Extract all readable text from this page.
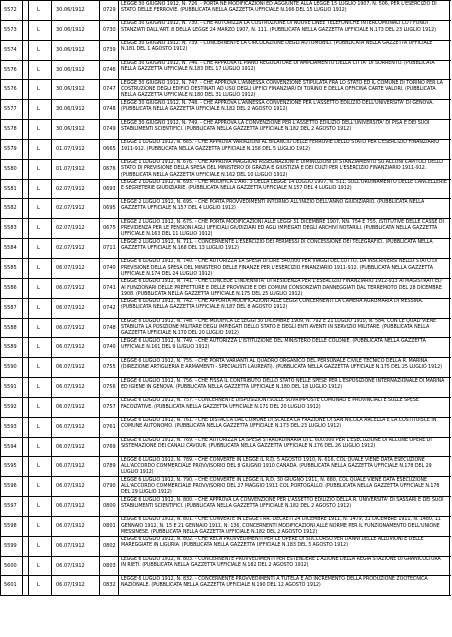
5572	L	30.06/1912	0729
LEGGE 30 GIUGNO 1912, N. 726. - PORTA NE MODIFICAZIONI ED AGGIUNTE ALLA LEGGE 15 LUGLIO 1907, N. 506, PER L'ESERCIZIO DI STATO DELLE FERROVIE. (PUBBLICATA NELLA GAZZETTA UFFICIALE N.166 DEL 15 LUGLIO 1912)
5573	L	30.06/1912	0730
LEGGE 30 GIUGNO 1912, N. 730. - CHE AUTORIZZA LA COSTRUZIONE DI NUOVE LINEE TELEFONICHE INTERCOMUNALI CO I FONDI STANZIATI DALL'ART. 8 DELLA LEGGE 24 MARZO 1907, N. 111. (PUBBLICATA NELLA GAZZETTA UFFICIALE N.173 DEL 23 LUGLIO 1912)
5574	L	30.06/1912	0739
LEGGE 30 GIUGNO 1912, N. 739. - CONCERNENTE LA CIRCOLAZIONE DEGLI AUTOMOBILI. (PUBBLICATA NELLA GAZZETTA UFFICIALE N.181 DEL 1 AGOSTO 1912)
5576	L	30.06/1912	0746
LEGGE 30 GIUGNO 1912, N. 746. - CHE APPROVA IL PIANO REGOLATORE DI AMPLIAMENTO DELLA CITTA' DI SORRENTO. (PUBBLICATA NELLA GAZZETTA UFFICIALE N.183 DEL 17 LUGLIO 1912)
5576	L	30.06/1912	0747
LEGGE 30 GIUGNO 1912, N. 747. - CHE APPROVA L'ANNESSA CONVENZIONE STIPULATA FRA LO STATO ED IL COMUNE DI TORINO PER LA COSTRUZIONE DEGLI EDIFICI DESTINATI AD USO DEGLI UFFICI FINANZIARI DI TORINO E DELLA OFFICINA CARTE VALORI. (PUBBLICATA NELLA GAZZETTA UFFICIALE N.180 DEL 31 LUGLIO 1912)
5577	L	30.06/1912	0748
LEGGE 30 GIUGNO 1912, N. 748. - CHE APPROVA L'ANNESSA CONVENZIONE PER L'ASSETTO EDILIZIO DELL'UNIVERSITA' DI GENOVA. (PUBBLICATA NELLA GAZZETTA UFFICIALE N.182 DEL 2 AGOSTO 1912)
5578	L	30.06/1912	0749
LEGGE 30 GIUGNO 1912, N. 749. - CHE APPROVA LA CONVENZIONE PER L'ASSETTO EDILIZIO DELL'UNIVERSITA' DI PISA E DEI SUOI STABILIMENTI SCIENTIFICI. (PUBBLICATA NELLA GAZZETTA UFFICIALE N.182 DEL 2 AGOSTO 1912)
5579	L	01.07/1912	0665
LEGGE 1 LUGLIO 1912, N. 665. - CHE APPROVA VARIAZIONI AL BILANCIO DELLE FERROVIE DELLO STATO PER L'ESERCIZIO FINANZIARIO 1911-912. (PUBBLICATA NELLA GAZZETTA UFFICIALE N.158 DEL 5 LUGLIO 1912)
5580	L	01.07/1912	0676
LEGGE 1 LUGLIO 1912, N. 676. - CHE APPROVA MAGGIORI ASSEGNAZIONI E DIMINUZIONI DI STANZIAMENTO SU ALCUNI CAPITOLI DELLO STATO DI PREVISIONE DELLA SPESA DEL MINISTERO DI GRAZIA E GIUSTIZIA E DEI CULTI PER L'ESERCIZIO FINANZIARIO 1911-912. (PUBBLICATA NELLA GAZZETTA UFFICIALE N.162 DEL 10 LUGLIO 1912)
5581	L	02.07/1912	0693
LEGGE 2 LUGLIO 1912, N. 693. - CHE MODIFICA L'ART. 3 DELLA LEGGE 14 LUGLIO 1907, N. 511, SULL'ORDINAMENTO DELLE CANCELLERIE E SEGRETERIE GIUDIZIARIE. (PUBBLICATA NELLA GAZZETTA UFFICIALE N.157 DEL 4 LUGLIO 1912)
5582	L	02.07/1912	0695
LEGGE 2 LUGLIO 1912, N. 695. - CHE PORTA PROVVEDIMENTI INTORNO ALL'INIZIO DELL'ANNO GIUDIZIARIO. (PUBBLICATA NELLA GAZZETTA UFFICIALE N.157 DEL 4 LUGLIO 1912)
5583	L	02.07/1912	0675
LEGGE 2 LUGLIO 1912, N. 675. - CHE PORTA MODIFICAZIONI ALLE LEGGI 31 DICEMBRE 1907, NN. 754 E 755, ISTITUTIVE DELLE CASSE DI PREVIDENZA PER LE PENSIONI AGLI UFFICIALI GIUDIZIARI ED AGLI IMPIEGATI DEGLI ARCHIVI NOTARILI. (PUBBLICATA NELLA GAZZETTA UFFICIALE N.163 DEL 11 LUGLIO 1912)
5584	L	02.07/1912	0711
LEGGE 2 LUGLIO 1912, N. 711. - CONCERNENTE L'ESERCIZIO DEI PERMESSI DI CONCESSIONE DEI TELEGRAFICI. (PUBBLICATA NELLA GAZZETTA UFFICIALE N.168 DEL 13 LUGLIO 1912)
5585	L	06.07/1912	0740
LEGGE 6 LUGLIO 1912, N. 740. - CHE AUTORIZZA LA SPESA DI LIRE 340,000 PER VIAGGI DEL LOTTO, DA INSCRIVERSI NELLO STATO DI PREVISIONE DELLA SPESA DEL MINISTERO DELLE FINANZE PER L'ESERCIZIO FINANZIARIO 1911-912. (PUBBLICATA NELLA GAZZETTA UFFICIALE N.174 DEL 24 LUGLIO 1912)
5586	L	06.07/1912	0741
LEGGE 6 LUGLIO 1912, N. 741. - CHE CONCEDE L'INDENNITA' DI RESIDENZA PER L'ESERCIZIO FINANZIARIO 1912-913 AI MAGISTRATI ED AI FUNZIONARI DELLE PREFETTURE E DELLE PROVINCIE E DEI COMUNI CONSORZIATI DANNEGGIATI DAL TERREMOTO DEL 28 DICEMBRE 1908. (PUBBLICATA NELLA GAZZETTA UFFICIALE N.175 DEL 25 LUGLIO 1912)
5587	L	06.07/1912	0742
LEGGE 6 LUGLIO 1912, N. 742. - CHE APPORTA MODIFICAZIONI ALLE LEGGI CONCERNENTI LA CAMERA AGRUMARIA DI MESSINA. (PUBBLICATA NELLA GAZZETTA UFFICIALE N.187 DEL 8 AGOSTO 1912)
5588	L	06.07/1912	0748
LEGGE 6 LUGLIO 1912, N. 748. - CHE MODIFICA LE LEGGI 30 DICEMBRE 1909, N. 792 E 21 LUGLIO 1910, N. 584, CON LE QUALI VIENE STABILITA LA POSIZIONE MILITARE DEGLI IMPIEGATI DELLO STATO E DEGLI ENTI AVENTI IN SERVIZIO MILITARE. (PUBBLICATA NELLA GAZZETTA UFFICIALE N.170 DEL 20 LUGLIO 1912)
5589	L	06.07/1912	0740
LEGGE 6 LUGLIO 1912, N. 749. - CHE AUTORIZZA L'ISTITUZIONE DEL MINISTERO DELLE COLONIE. (PUBBLICATA NELLA GAZZETTA UFFICIALE N.161 DEL 9 LUGLIO 1912)
5590	L	06.07/1912	0755
LEGGE 6 LUGLIO 1912, N. 755. - CHE PORTA VARIANTI AL QUADRO ORGANICO DEL PERSONALE CIVILE TECNICO DELLA R. MARINA (DIREZIONE ARTIGLIERIA E ARMAMENTI - SPECIALISTI LAUREATI). (PUBBLICATA NELLA GAZZETTA UFFICIALE N.175 DEL 25 LUGLIO 1912)
5591	L	06.07/1912	0756
LEGGE 6 LUGLIO 1912, N. 756. - CHE FISSA IL CONTRIBUTO DELLO STATO NELLE SPESE PER L'ESPOSIZIONE INTERNAZIONALE DI MARINA ED IGIENE IN GENOVA. (PUBBLICATA NELLA GAZZETTA UFFICIALE N.180 DEL 18 LUGLIO 1912)
5592	L	06.07/1912	0757
LEGGE 6 LUGLIO 1912, N. 757. - CONCERNENTE DISPOSIZIONI SULLE SOVRIMPOSTE COMUNALI E PROVINCIALI E SULLE SPESE FACOLTATIVE. (PUBBLICATA NELLA GAZZETTA UFFICIALE N.171 DEL 20 LUGLIO 1912)
5593	L	06.07/1912	0761
LEGGE 6 LUGLIO 1912, N. 761. - CHE DISTACCA DAL COMUNE DI SCALEA LA FRAZIONE DI SAN NICOLA ARCELLA E LA COSTITUISCE IN COMUNE AUTONOMO. (PUBBLICATA NELLA GAZZETTA UFFICIALE N.173 DEL 23 LUGLIO 1912)
5594	L	06.07/1912	0769
LEGGE 6 LUGLIO 1912, N. 769. - CHE AUTORIZZA LA SPESA STRAORDINARIA DI L. 600,000 PER L'ESECUZIONE DI ALCUNE OPERE DI SISTEMAZIONE DEI CANALI CAVOUR. (PUBBLICATA NELLA GAZZETTA UFFICIALE N.176 DEL 26 LUGLIO 1912)
5595	L	06.07/1912	0789
LEGGE 6 LUGLIO 1912, N. 789. - CHE CONVERTE IN LEGGE IL R.D. 5 AGOSTO 1910, N. 616, COL QUALE VIENE DATA ESECUZIONE ALL'ACCORDO COMMERCIALE PROVVISORIO DEL 8 GIUGNO 1910 CANADA. (PUBBLICATA NELLA GAZZETTA UFFICIALE N.178 DEL 29 LUGLIO 1912)
5596	L	06.07/1912	0790
LEGGE 6 LUGLIO 1912, N. 790. - CHE CONVERTE IN LEGGE IL R.D. 30 GIUGNO 1911, N. 680, COL QUALE VIENE DATA ESECUZIONE ALL'ACCORDO COMMERCIALE PROVVISORIO DEL 27 MAGGIO 1911 COL PORTOGALLO. (PUBBLICATA NELLA GAZZETTA UFFICIALE N.178 DEL 29 LUGLIO 1912)
5597	L	06.07/1912	0800
LEGGE 6 LUGLIO 1912, N. 800. - CHE APPROVA LA CONVENZIONE PER L'ASSETTO EDILIZIO DELLA R. UNIVERSITA' DI SASSARI E DEI SUOI STABILIMENTI SCIENTIFICI. (PUBBLICATA NELLA GAZZETTA UFFICIALE N.182 DEL 2 AGOSTO 1912)
5598	L	06.07/1912	0801
LEGGE 6 LUGLIO 1912, N. 801. - CHE CONVERTE IN LEGGE I RR. DECRETI 24 DICEMBRE 1911, N. 1479, 31 DICEMBRE 1911, N. 1480, 11 GENNAIO 1912, N. 15 E 21 GENNAIO 1911, N. 136, CONCERNENTI MODIFICAZIONI ALLE NORME PER IL FUNZIONAMENTO DELL'UNIONE MESSINESE. (PUBBLICATA NELLA GAZZETTA UFFICIALE N.182 DEL 2 AGOSTO 1912)
5599	L	06.07/1912	0802
LEGGE 6 LUGLIO 1912, N. 802. - CHE RECA PROVVEDIMENTI PER LE OPERE DI SOCCORSO PER DANNI DELLE ALLUVIONI E DELLE MAREGGIATE IN LIGURIA. (PUBBLICATA NELLA GAZZETTA UFFICIALE N.183 DEL 3 AGOSTO 1912)
5600	L	06.07/1912	0803
LEGGE 6 LUGLIO 1912, N. 803. - CONCERNENTE PROVVEDIMENTI PER ESTENDERE L'AZIONE DELLA REGIA STAZIONE DI GRANICOLTURA IN RIETI. (PUBBLICATA NELLA GAZZETTA UFFICIALE N.182 DEL 2 AGOSTO 1912)
5601	L	06.07/1912	0832
LEGGE 6 LUGLIO 1912, N. 832. - CONCERNENTE PROVVEDIMENTI A TUTELA E AD INCREMENTO DELLA PRODUZIONE ZOOTECNICA NAZIONALE. (PUBBLICATA NELLA GAZZETTA UFFICIALE N.190 DEL 12 AGOSTO 1912)
